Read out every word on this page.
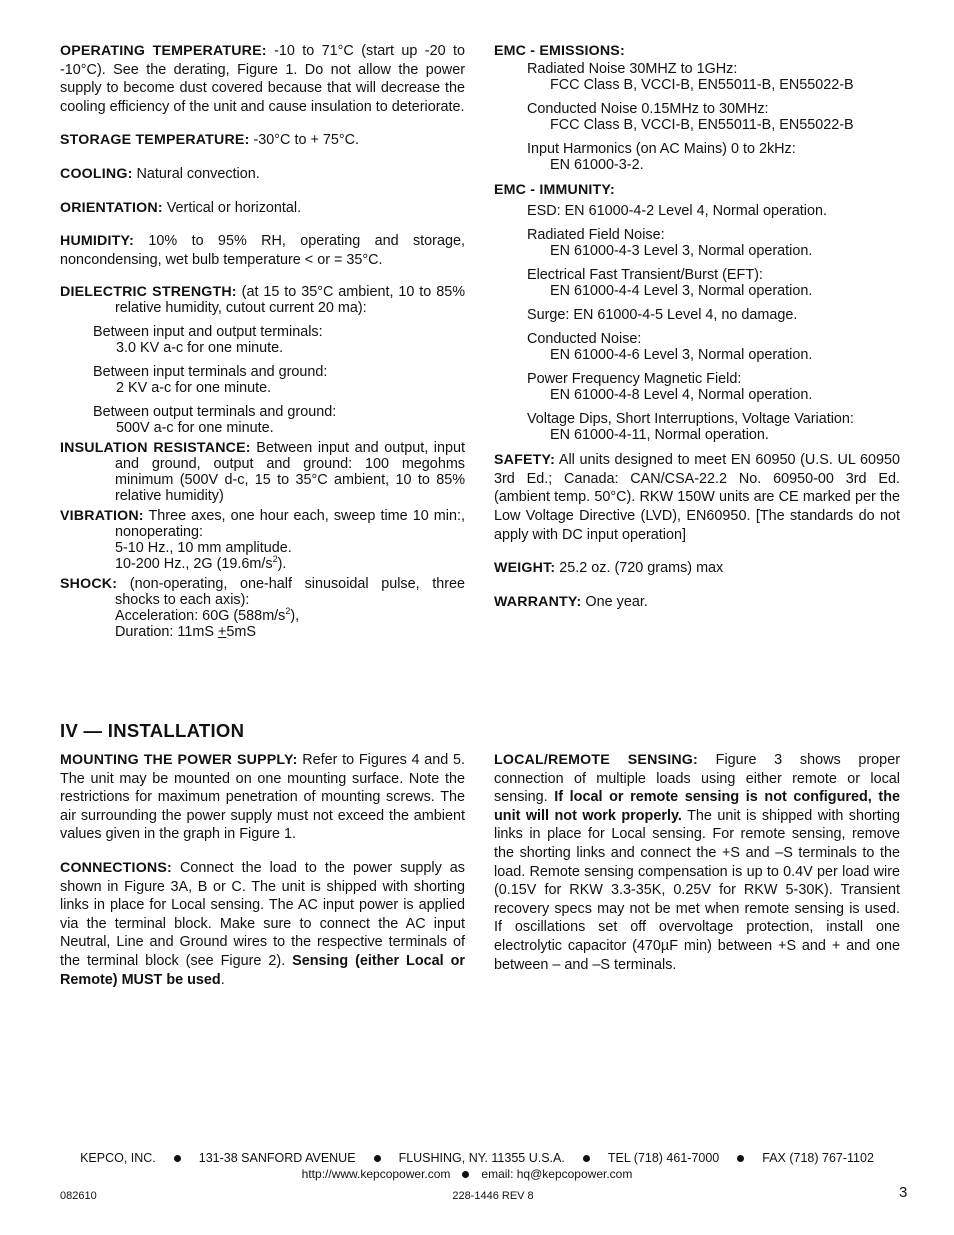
OPERATING TEMPERATURE: -10 to 71°C (start up -20 to -10°C). See the derating, Figure 1. Do not allow the power supply to become dust covered because that will decrease the cooling efficiency of the unit and cause insulation to deteriorate.

STORAGE TEMPERATURE: -30°C to + 75°C.

COOLING: Natural convection.

ORIENTATION: Vertical or horizontal.

HUMIDITY: 10% to 95% RH, operating and storage, noncondensing, wet bulb temperature < or = 35°C.

DIELECTRIC STRENGTH: (at 15 to 35°C ambient, 10 to 85% relative humidity, cutout current 20 ma):

Between input and output terminals:
3.0 KV a-c for one minute.

Between input terminals and ground:
2 KV a-c for one minute.

Between output terminals and ground:
500V a-c for one minute.

INSULATION RESISTANCE: Between input and output, input and ground, output and ground: 100 megohms minimum (500V d-c, 15 to 35°C ambient, 10 to 85% relative humidity)

VIBRATION: Three axes, one hour each, sweep time 10 min:, nonoperating:

5-10 Hz., 10 mm amplitude.
10-200 Hz., 2G $(19.6m/s^2)$.

SHOCK: (non-operating, one-half sinusoidal pulse, three shocks to each axis):

Acceleration: 60G $(588m/s^2)$,
Duration: 11mS +5mS

EMC - EMISSIONS:

Radiated Noise 30MHZ to 1GHz:
FCC Class B, VCCI-B, EN55011-B, EN55022-B

Conducted Noise 0.15MHz to 30MHz:
FCC Class B, VCCI-B, EN55011-B, EN55022-B

Input Harmonics (on AC Mains) 0 to 2kHz:
EN 61000-3-2.

EMC - IMMUNITY:

ESD: EN 61000-4-2 Level 4, Normal operation.

Radiated Field Noise:
EN 61000-4-3 Level 3, Normal operation.

Electrical Fast Transient/Burst (EFT):
EN 61000-4-4 Level 3, Normal operation.

Surge: EN 61000-4-5 Level 4, no damage.

Conducted Noise:
EN 61000-4-6 Level 3, Normal operation.

Power Frequency Magnetic Field:
EN 61000-4-8 Level 4, Normal operation.

Voltage Dips, Short Interruptions, Voltage Variation:
EN 61000-4-11, Normal operation.

SAFETY: All units designed to meet EN 60950 (U.S. UL 60950 3rd Ed.; Canada: CAN/CSA-22.2 No. 60950-00 3rd Ed. (ambient temp. 50°C). RKW 150W units are CE marked per the Low Voltage Directive (LVD), EN60950. [The standards do not apply with DC input operation]

WEIGHT: 25.2 oz. (720 grams) max

WARRANTY: One year.

IV — INSTALLATION

MOUNTING THE POWER SUPPLY: Refer to Figures 4 and 5. The unit may be mounted on one mounting surface. Note the restrictions for maximum penetration of mounting screws. The air surrounding the power supply must not exceed the ambient values given in the graph in Figure 1.

CONNECTIONS: Connect the load to the power supply as shown in Figure 3A, B or C. The unit is shipped with shorting links in place for Local sensing. The AC input power is applied via the terminal block. Make sure to connect the AC input Neutral, Line and Ground wires to the respective terminals of the terminal block (see Figure 2). Sensing (either Local or Remote) MUST be used.

LOCAL/REMOTE SENSING: Figure 3 shows proper connection of multiple loads using either remote or local sensing. If local or remote sensing is not configured, the unit will not work properly. The unit is shipped with shorting links in place for Local sensing. For remote sensing, remove the shorting links and connect the +S and –S terminals to the load. Remote sensing compensation is up to 0.4V per load wire (0.15V for RKW 3.3-35K, 0.25V for RKW 5-30K). Transient recovery specs may not be met when remote sensing is used. If oscillations set off overvoltage protection, install one electrolytic capacitor (470µF min) between +S and + and one between – and –S terminals.

KEPCO, INC.	131-38 SANFORD AVENUE	FLUSHING, NY. 11355 U.S.A.	TEL (718) 461-7000	FAX (718) 767-1102
http://www.kepcopower.com	email: hq@kepcopower.com
082610	228-1446 REV 8	3
